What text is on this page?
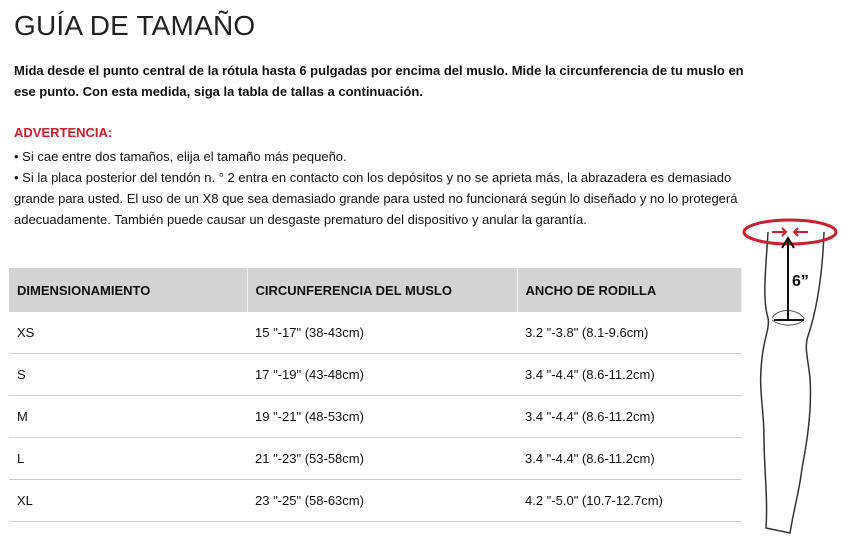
GUÍA DE TAMAÑO
Mida desde el punto central de la rótula hasta 6 pulgadas por encima del muslo. Mide la circunferencia de tu muslo en ese punto. Con esta medida, siga la tabla de tallas a continuación.
ADVERTENCIA:

• Si cae entre dos tamaños, elija el tamaño más pequeño.

• Si la placa posterior del tendón n. ° 2 entra en contacto con los depósitos y no se aprieta más, la abrazadera es demasiado grande para usted. El uso de un X8 que sea demasiado grande para usted no funcionará según lo diseñado y no lo protegerá adecuadamente. También puede causar un desgaste prematuro del dispositivo y anular la garantía.

DIMENSIONAMIENTO	CIRCUNFERENCIA DEL MUSLO	ANCHO DE RODILLA
XS	15 "-17" (38-43cm)	3.2 "-3.8" (8.1-9.6cm)
S	17 "-19" (43-48cm)	3.4 "-4.4" (8.6-11.2cm)
M	19 "-21" (48-53cm)	3.4 "-4.4" (8.6-11.2cm)
L	21 "-23" (53-58cm)	3.4 "-4.4" (8.6-11.2cm)
XL	23 "-25" (58-63cm)	4.2 "-5.0" (10.7-12.7cm)
6”
